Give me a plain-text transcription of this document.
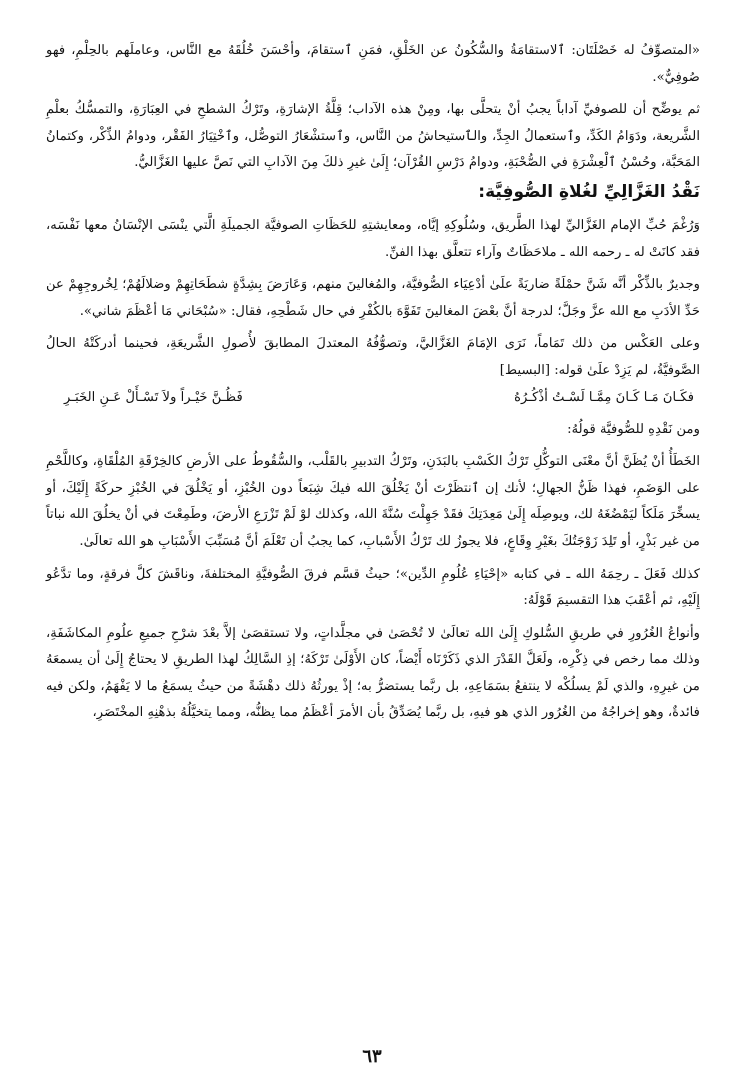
«المتصوِّفُ له خَصْلَتَان: ٱلاستقامَةُ والسُّكُونُ عن الخَلْقِ، فمَنِ ٱستقامَ، وأحْسَنَ خُلُقَهُ مع النَّاس، وعاملَهم بالحِلْمِ، فهو صُوفِيٌّ».

ثم يوضِّح أن للصوفيِّ آداباً يجبُ أنْ يتحلَّى بها، ومِنْ هذه الآداب؛ قِلَّةُ الإشارَةِ، وتَرْكُ الشطحِ في العِبَارَةِ، والتمسُّكُ بعلْمِ الشَّريعة، ودَوَامُ الكَدِّ، وٱستعمالُ الجِدِّ، والٱستيحاشُ من النَّاس، وٱستشْعَارُ التوصُّل، وٱخْتِيَارُ الفَقْر، ودوامُ الذِّكْر، وكتمانُ المَحَبَّة، وحُسْنُ ٱلْعِشْرَةِ في الصُّحْبَةِ، ودوامُ دَرْسِ القُرْآن؛ إِلَىٰ غيرِ ذلكَ مِنَ الآدابِ التي نَصَّ عليها الغَزَّاليُّ.

نَقْدُ الغَزَّالِيِّ لغُلاةِ الصُّوفِيَّة:

وَرُغْمَ حُبِّ الإمام الغَزَّاليِّ لهذا الطَّريق، وسُلُوكِهِ إيَّاه، ومعايشتِهِ للحَظَاتِ الصوفيَّة الجميلَةِ الَّتي ينْسَى الإنْسَانُ معها نَفْسَه، فقد كانَتْ له ـ رحمه الله ـ ملاحَظَاتٌ وآراء تتعلَّق بهذا الفنِّ.

وجديرٌ بالذِّكْر أنَّه شَنَّ حمْلَةً ضاريَةً علَىٰ أدْعِيَاء الصُّوفيَّة، والمُغالينَ منهم، وَعَارَضَ بِشِدَّةٍ شطَحَاتِهِمْ وضلالَهُمْ؛ لِخُروجِهِمْ عن حَدِّ الأدَبِ مع الله عزَّ وجَلَّ؛ لدرجة أنَّ بعْضَ المغالينَ تَفَوَّهَ بالكُفْرِ في حال شَطْحِهِ، فقال: «سُبْحَاني مَا أعْظَمَ شاني».

وعلى العَكْس من ذلك تَمَاماً، نَرَى الإمَامَ الغَزَّاليَّ، وتصوُّفُهُ المعتدلَ المطابقَ لأُصولِ الشَّريعَةِ، فحينما أدركَتْهُ الحالُ الصَّوفيَّةُ، لم يَزِدْ علَىٰ قوله: [البسيط]

فكَـانَ مَـا كَـانَ مِمَّـا لَسْـتُ أذْكُـرُهُ
فَظُـنَّ خَيْـراً ولاَ تَسْـأَلْ عَـنِ الخَبَـرِ

ومن نَقْدِهِ للصُّوفيَّة قولُهُ:

الخَطَأُ أنْ يُظَنَّ أنَّ معْنَى التوكُّلِ تَرْكُ الكَسْبِ بالبَدَنِ، وتَرْكُ التدبيرِ بالقَلْب، والسُّقُوطُ على الأرضِ كالخِرْقَةِ المُلْقَاةِ، وكاللَّحْمِ على الوَضَمِ، فهذا ظَنُّ الجهالِ؛ لأنك إن ٱنتظَرْتَ أنْ يَخْلُقَ الله فيكَ شِبَعاً دون الخُبْزِ، أو يَخْلُقَ في الخُبْزِ حركَةً إِلَيْكَ، أو يسخِّرَ مَلَكاً ليَمْضُغَهُ لك، ويوصِلَه إِلَىٰ مَعِدَتِكَ فقَدْ جَهِلْتَ سُنَّةَ الله، وكذلك لوْ لَمْ تَزْرَعِ الأرضَ، وطَمِعْتَ في أنْ يخلُقَ الله نباتاً من غير بَذْرٍ، أو تَلِدَ زَوْجَتُكَ بغَيْرِ وِقَاعٍ، فلا يجوزُ لك تَرْكُ الأَسْبابِ، كما يجبُ أن تَعْلَمَ أنَّ مُسَبِّبَ الأَسْبَابِ هو الله تعالَىٰ.

كذلك فَعَلَ ـ رحِمَهُ الله ـ في كتابه «إحْيَاءِ عُلُومِ الدِّين»؛ حيثُ قسَّم فرقَ الصُّوفيَّةِ المختلفةَ، وناقَشَ كلَّ فرقةٍ، وما تدَّعُو إِلَيْهِ، ثم أعْقَبَ هذا التقسيمَ قَوْلَهُ:

وأنواعُ الغُرُورِ في طريقِ السُّلوكِ إِلَىٰ الله تعالَىٰ لا تُحْصَىٰ في مجلَّداتٍ، ولا تستقصَىٰ إلاَّ بعْدَ شرْحِ جميعِ علُومِ المكاشَفَةِ، وذلك مما رخص في ذِكْرِه، ولَعَلَّ القَدْرَ الذي ذَكَرْنَاه أَيْضاً، كان الأَوْلَىٰ تَرْكَهُ؛ إذِ السَّالِكُ لهذا الطريقِ لا يحتاجُ إِلَىٰ أن يسمعَهُ من غيرِهِ، والذي لَمْ يسلُكْه لا ينتفعُ بسَمَاعِهِ، بل ربَّما يستضرُّ به؛ إذْ يورثُهُ ذلك دهْشَةً من حيثُ يسمَعُ ما لا يَفْهَمُ، ولكن فيه فائدةٌ، وهو إخراجُهُ من الغُرُور الذي هو فيهِ، بل ربَّما يُصَدِّقُ بأن الأمرَ أعْظَمُ مما يظنُّه، ومما يتخيَّلُهُ بذهْنِهِ المخْتَصَرِ،

٦٣
